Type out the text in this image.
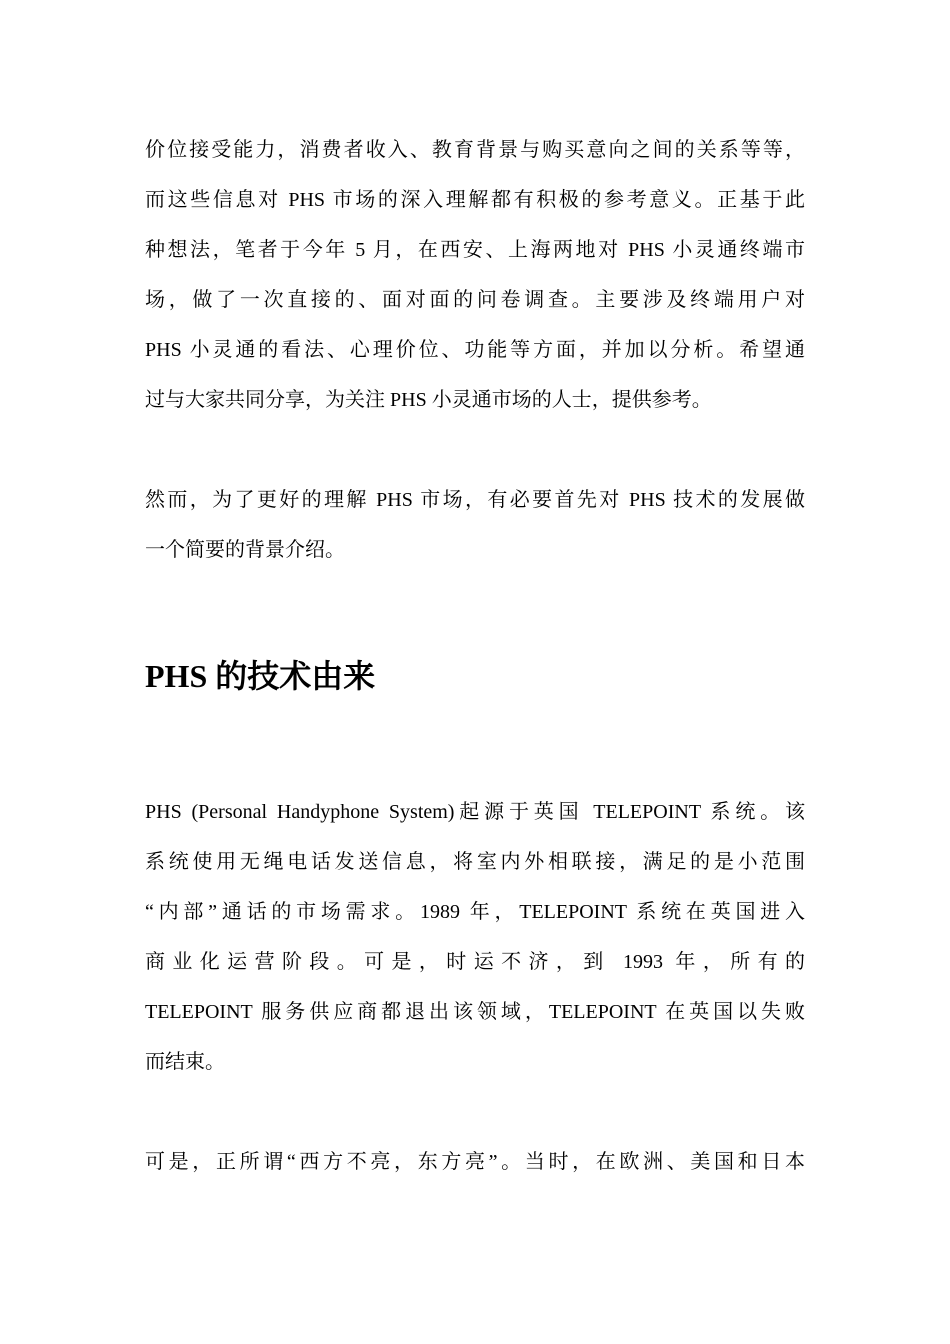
价位接受能力，消费者收入、教育背景与购买意向之间的关系等等，
而这些信息对 PHS 市场的深入理解都有积极的参考意义。正基于此
种想法，笔者于今年 5 月，在西安、上海两地对 PHS 小灵通终端市
场，做了一次直接的、面对面的问卷调查。主要涉及终端用户对
PHS 小灵通的看法、心理价位、功能等方面，并加以分析。希望通
过与大家共同分享，为关注 PHS 小灵通市场的人士，提供参考。
然而，为了更好的理解 PHS 市场，有必要首先对 PHS 技术的发展做
一个简要的背景介绍。
PHS 的技术由来
PHS (Personal Handyphone System)起源于英国 TELEPOINT 系统。该
系统使用无绳电话发送信息，将室内外相联接，满足的是小范围
“内部”通话的市场需求。1989 年，TELEPOINT 系统在英国进入
商业化运营阶段。可是，时运不济，到 1993 年，所有的
TELEPOINT 服务供应商都退出该领域，TELEPOINT 在英国以失败
而结束。
可是，正所谓“西方不亮，东方亮”。当时，在欧洲、美国和日本
